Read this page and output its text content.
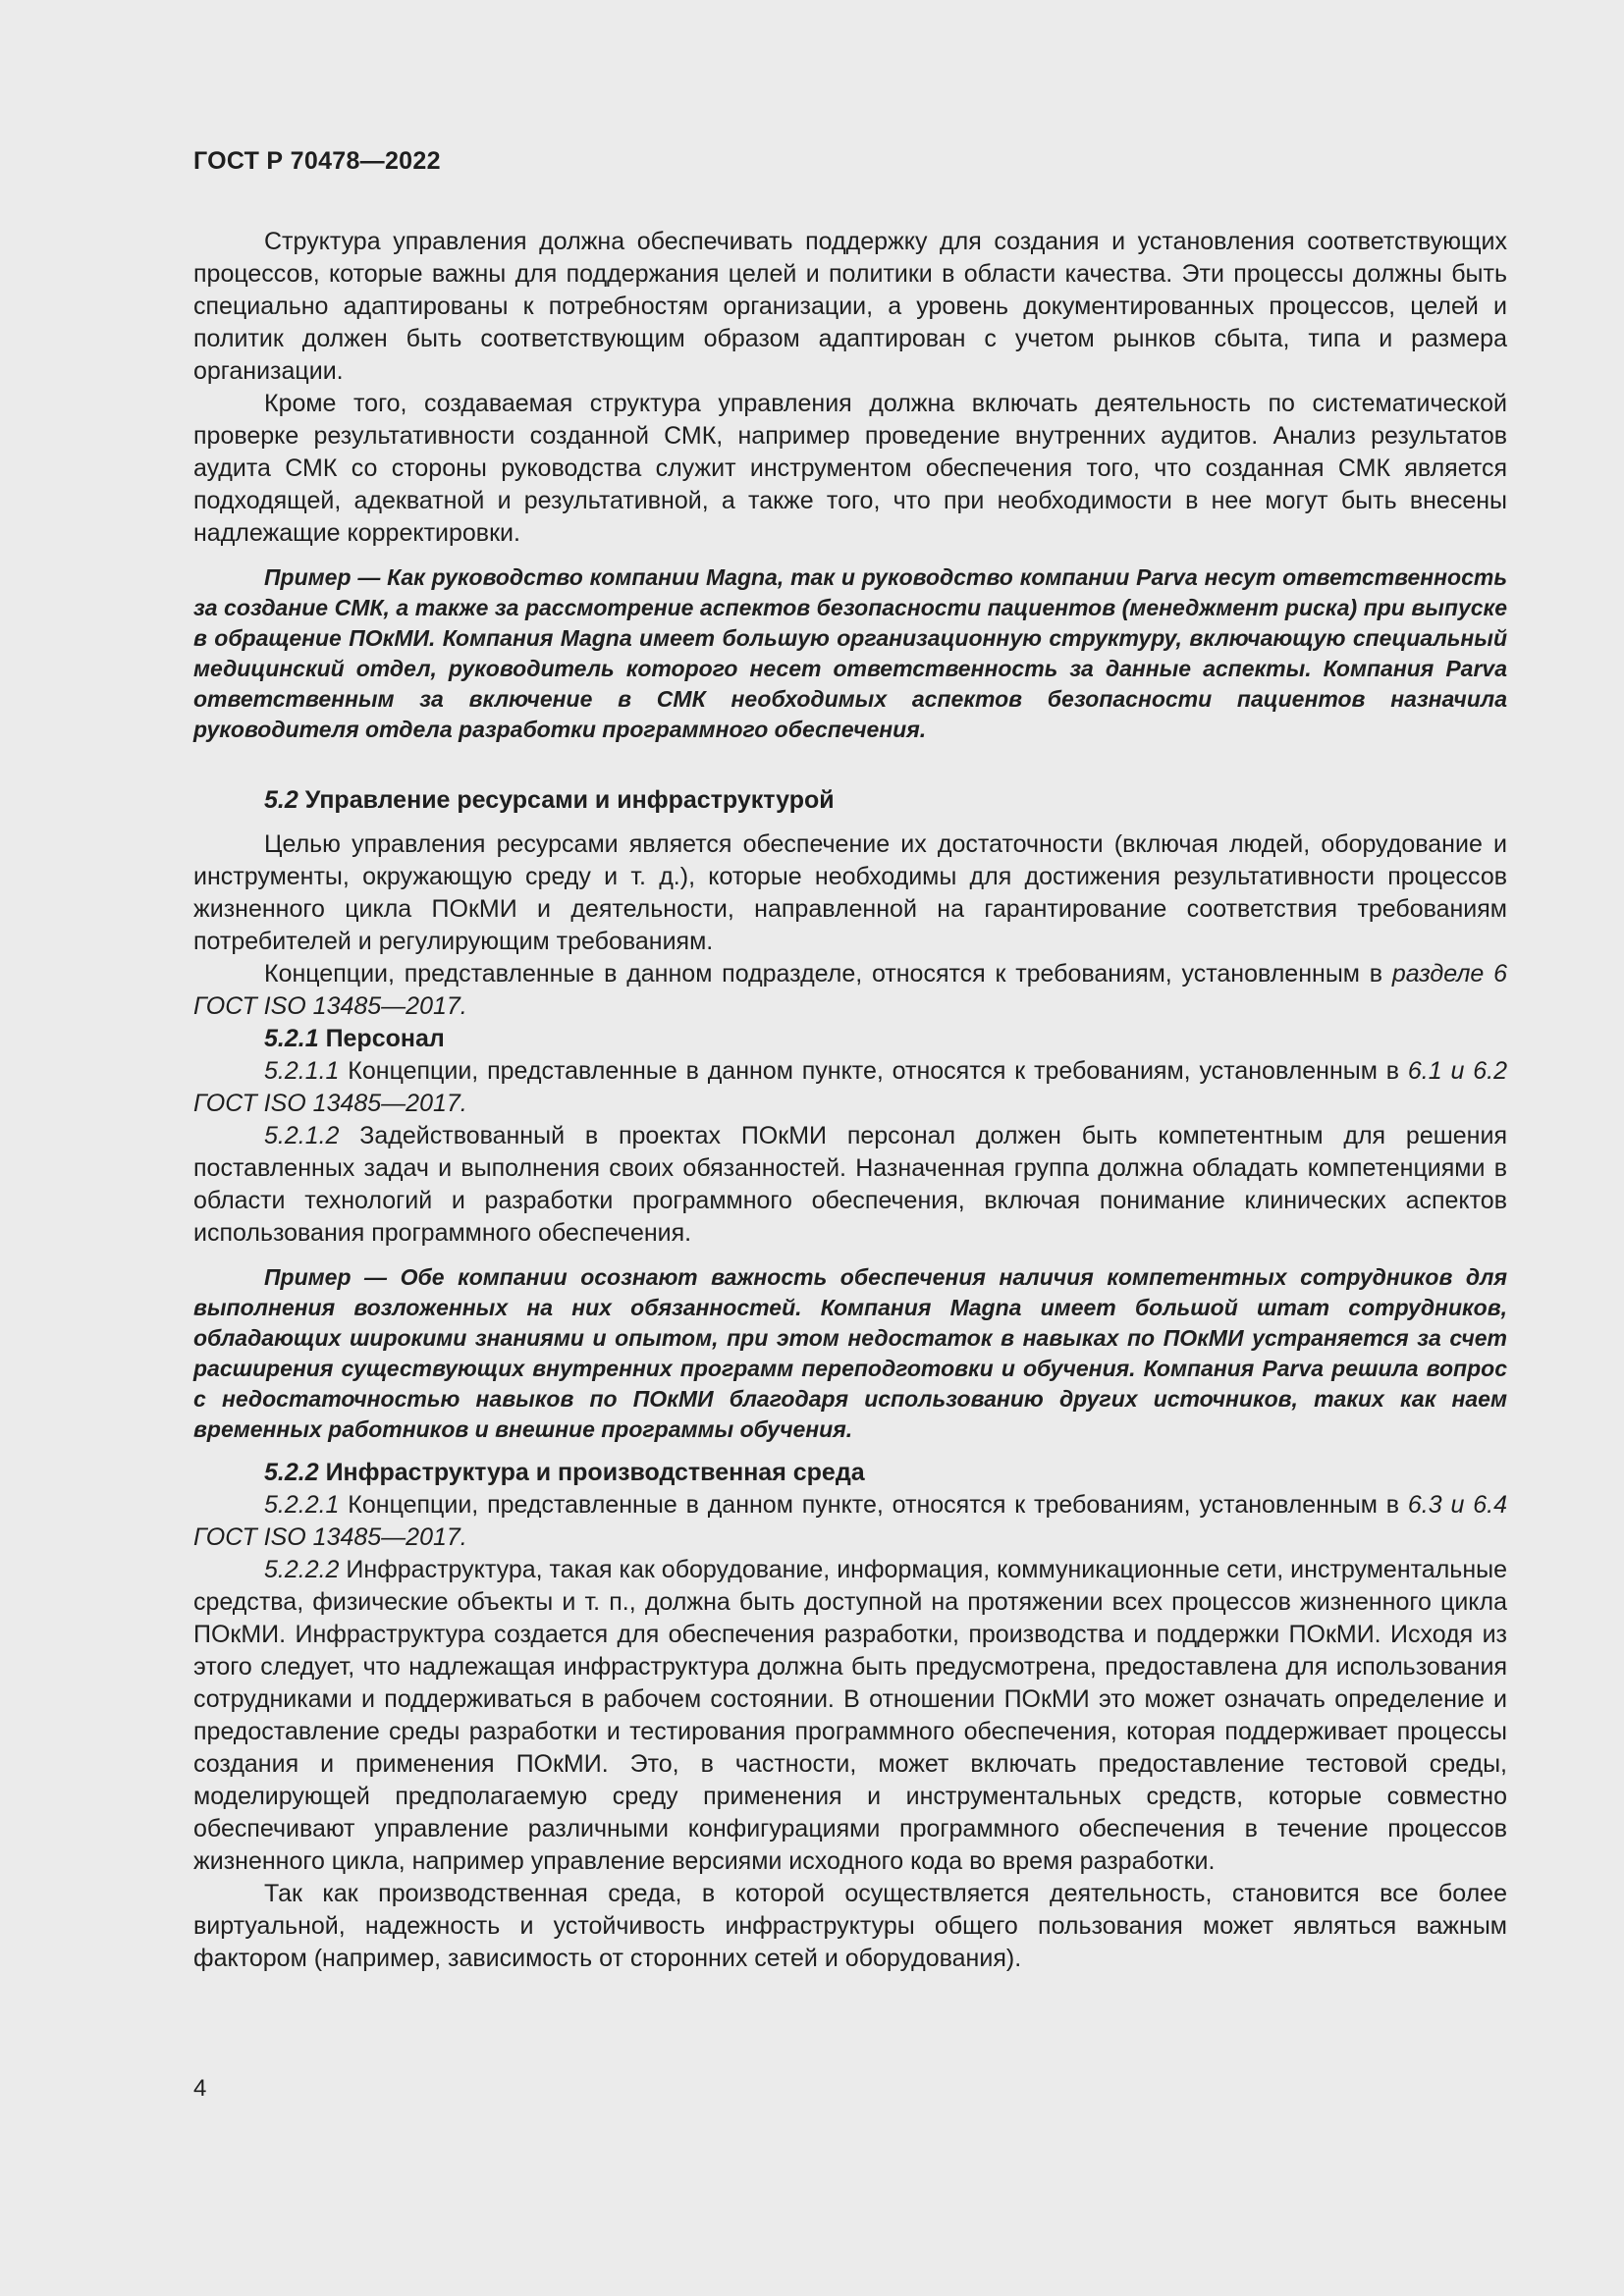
ГОСТ Р 70478—2022

Структура управления должна обеспечивать поддержку для создания и установления соответствующих процессов, которые важны для поддержания целей и политики в области качества. Эти процессы должны быть специально адаптированы к потребностям организации, а уровень документированных процессов, целей и политик должен быть соответствующим образом адаптирован с учетом рынков сбыта, типа и размера организации.

Кроме того, создаваемая структура управления должна включать деятельность по систематической проверке результативности созданной СМК, например проведение внутренних аудитов. Анализ результатов аудита СМК со стороны руководства служит инструментом обеспечения того, что созданная СМК является подходящей, адекватной и результативной, а также того, что при необходимости в нее могут быть внесены надлежащие корректировки.

Пример — Как руководство компании Magna, так и руководство компании Parva несут ответственность за создание СМК, а также за рассмотрение аспектов безопасности пациентов (менеджмент риска) при выпуске в обращение ПОкМИ. Компания Magna имеет большую организационную структуру, включающую специальный медицинский отдел, руководитель которого несет ответственность за данные аспекты. Компания Parva ответственным за включение в СМК необходимых аспектов безопасности пациентов назначила руководителя отдела разработки программного обеспечения.

5.2 Управление ресурсами и инфраструктурой

Целью управления ресурсами является обеспечение их достаточности (включая людей, оборудование и инструменты, окружающую среду и т. д.), которые необходимы для достижения результативности процессов жизненного цикла ПОкМИ и деятельности, направленной на гарантирование соответствия требованиям потребителей и регулирующим требованиям.

Концепции, представленные в данном подразделе, относятся к требованиям, установленным в разделе 6 ГОСТ ISO 13485—2017.

5.2.1 Персонал

5.2.1.1 Концепции, представленные в данном пункте, относятся к требованиям, установленным в 6.1 и 6.2 ГОСТ ISO 13485—2017.

5.2.1.2 Задействованный в проектах ПОкМИ персонал должен быть компетентным для решения поставленных задач и выполнения своих обязанностей. Назначенная группа должна обладать компетенциями в области технологий и разработки программного обеспечения, включая понимание клинических аспектов использования программного обеспечения.

Пример — Обе компании осознают важность обеспечения наличия компетентных сотрудников для выполнения возложенных на них обязанностей. Компания Magna имеет большой штат сотрудников, обладающих широкими знаниями и опытом, при этом недостаток в навыках по ПОкМИ устраняется за счет расширения существующих внутренних программ переподготовки и обучения. Компания Parva решила вопрос с недостаточностью навыков по ПОкМИ благодаря использованию других источников, таких как наем временных работников и внешние программы обучения.

5.2.2 Инфраструктура и производственная среда

5.2.2.1 Концепции, представленные в данном пункте, относятся к требованиям, установленным в 6.3 и 6.4 ГОСТ ISO 13485—2017.

5.2.2.2 Инфраструктура, такая как оборудование, информация, коммуникационные сети, инструментальные средства, физические объекты и т. п., должна быть доступной на протяжении всех процессов жизненного цикла ПОкМИ. Инфраструктура создается для обеспечения разработки, производства и поддержки ПОкМИ. Исходя из этого следует, что надлежащая инфраструктура должна быть предусмотрена, предоставлена для использования сотрудниками и поддерживаться в рабочем состоянии. В отношении ПОкМИ это может означать определение и предоставление среды разработки и тестирования программного обеспечения, которая поддерживает процессы создания и применения ПОкМИ. Это, в частности, может включать предоставление тестовой среды, моделирующей предполагаемую среду применения и инструментальных средств, которые совместно обеспечивают управление различными конфигурациями программного обеспечения в течение процессов жизненного цикла, например управление версиями исходного кода во время разработки.

Так как производственная среда, в которой осуществляется деятельность, становится все более виртуальной, надежность и устойчивость инфраструктуры общего пользования может являться важным фактором (например, зависимость от сторонних сетей и оборудования).

4
